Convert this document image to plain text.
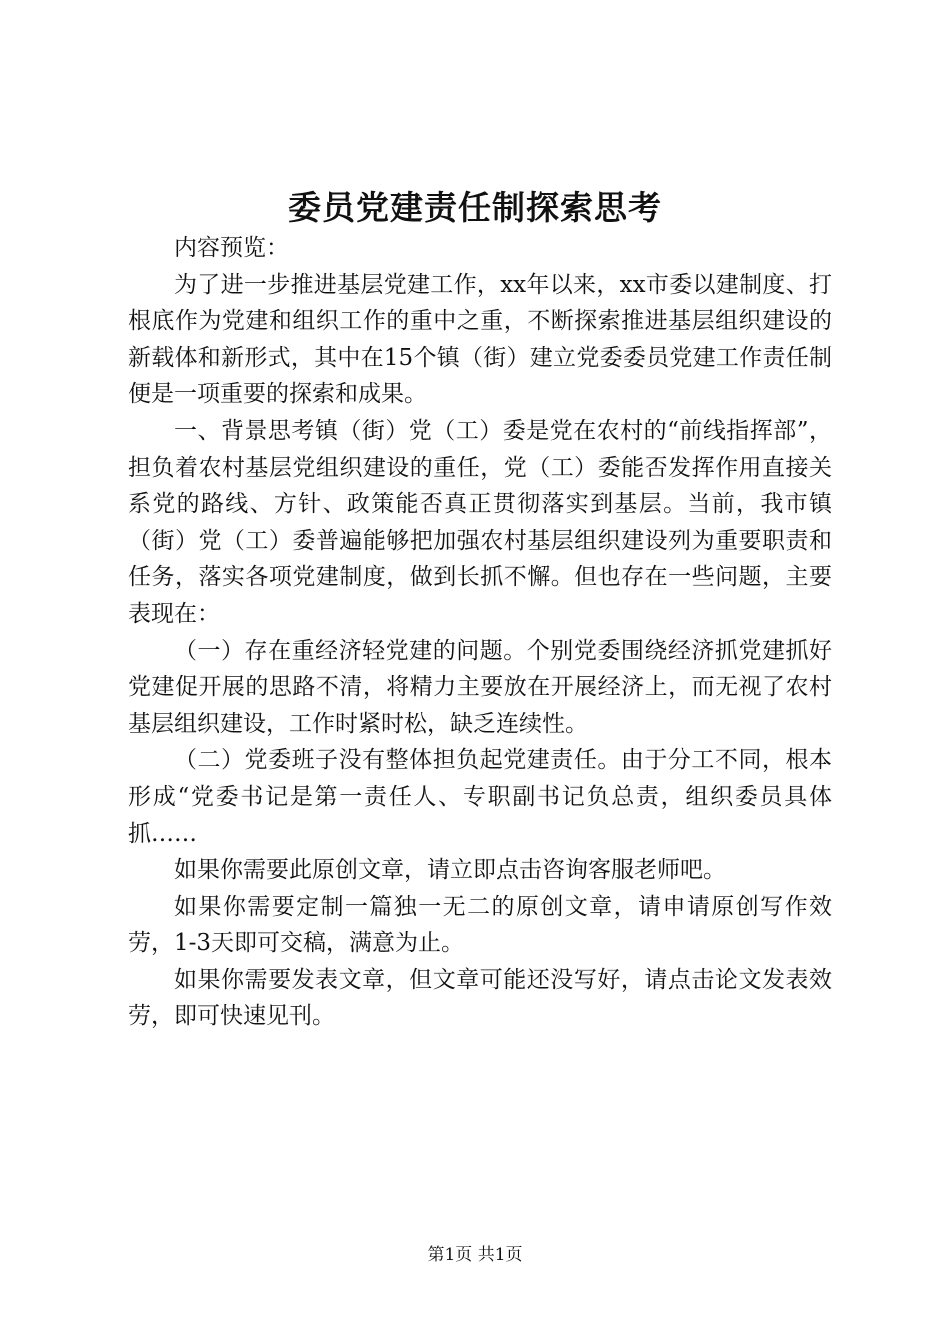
委员党建责任制探索思考

内容预览：

为了进一步推进基层党建工作，xx年以来，xx市委以建制度、打根底作为党建和组织工作的重中之重，不断探索推进基层组织建设的新载体和新形式，其中在15个镇（街）建立党委委员党建工作责任制便是一项重要的探索和成果。

一、背景思考镇（街）党（工）委是党在农村的“前线指挥部”，担负着农村基层党组织建设的重任，党（工）委能否发挥作用直接关系党的路线、方针、政策能否真正贯彻落实到基层。当前，我市镇（街）党（工）委普遍能够把加强农村基层组织建设列为重要职责和任务，落实各项党建制度，做到长抓不懈。但也存在一些问题，主要表现在：

（一）存在重经济轻党建的问题。个别党委围绕经济抓党建抓好党建促开展的思路不清，将精力主要放在开展经济上，而无视了农村基层组织建设，工作时紧时松，缺乏连续性。

（二）党委班子没有整体担负起党建责任。由于分工不同，根本形成“党委书记是第一责任人、专职副书记负总责，组织委员具体抓……

如果你需要此原创文章，请立即点击咨询客服老师吧。

如果你需要定制一篇独一无二的原创文章，请申请原创写作效劳，1-3天即可交稿，满意为止。

如果你需要发表文章，但文章可能还没写好，请点击论文发表效劳，即可快速见刊。

第1页 共1页
